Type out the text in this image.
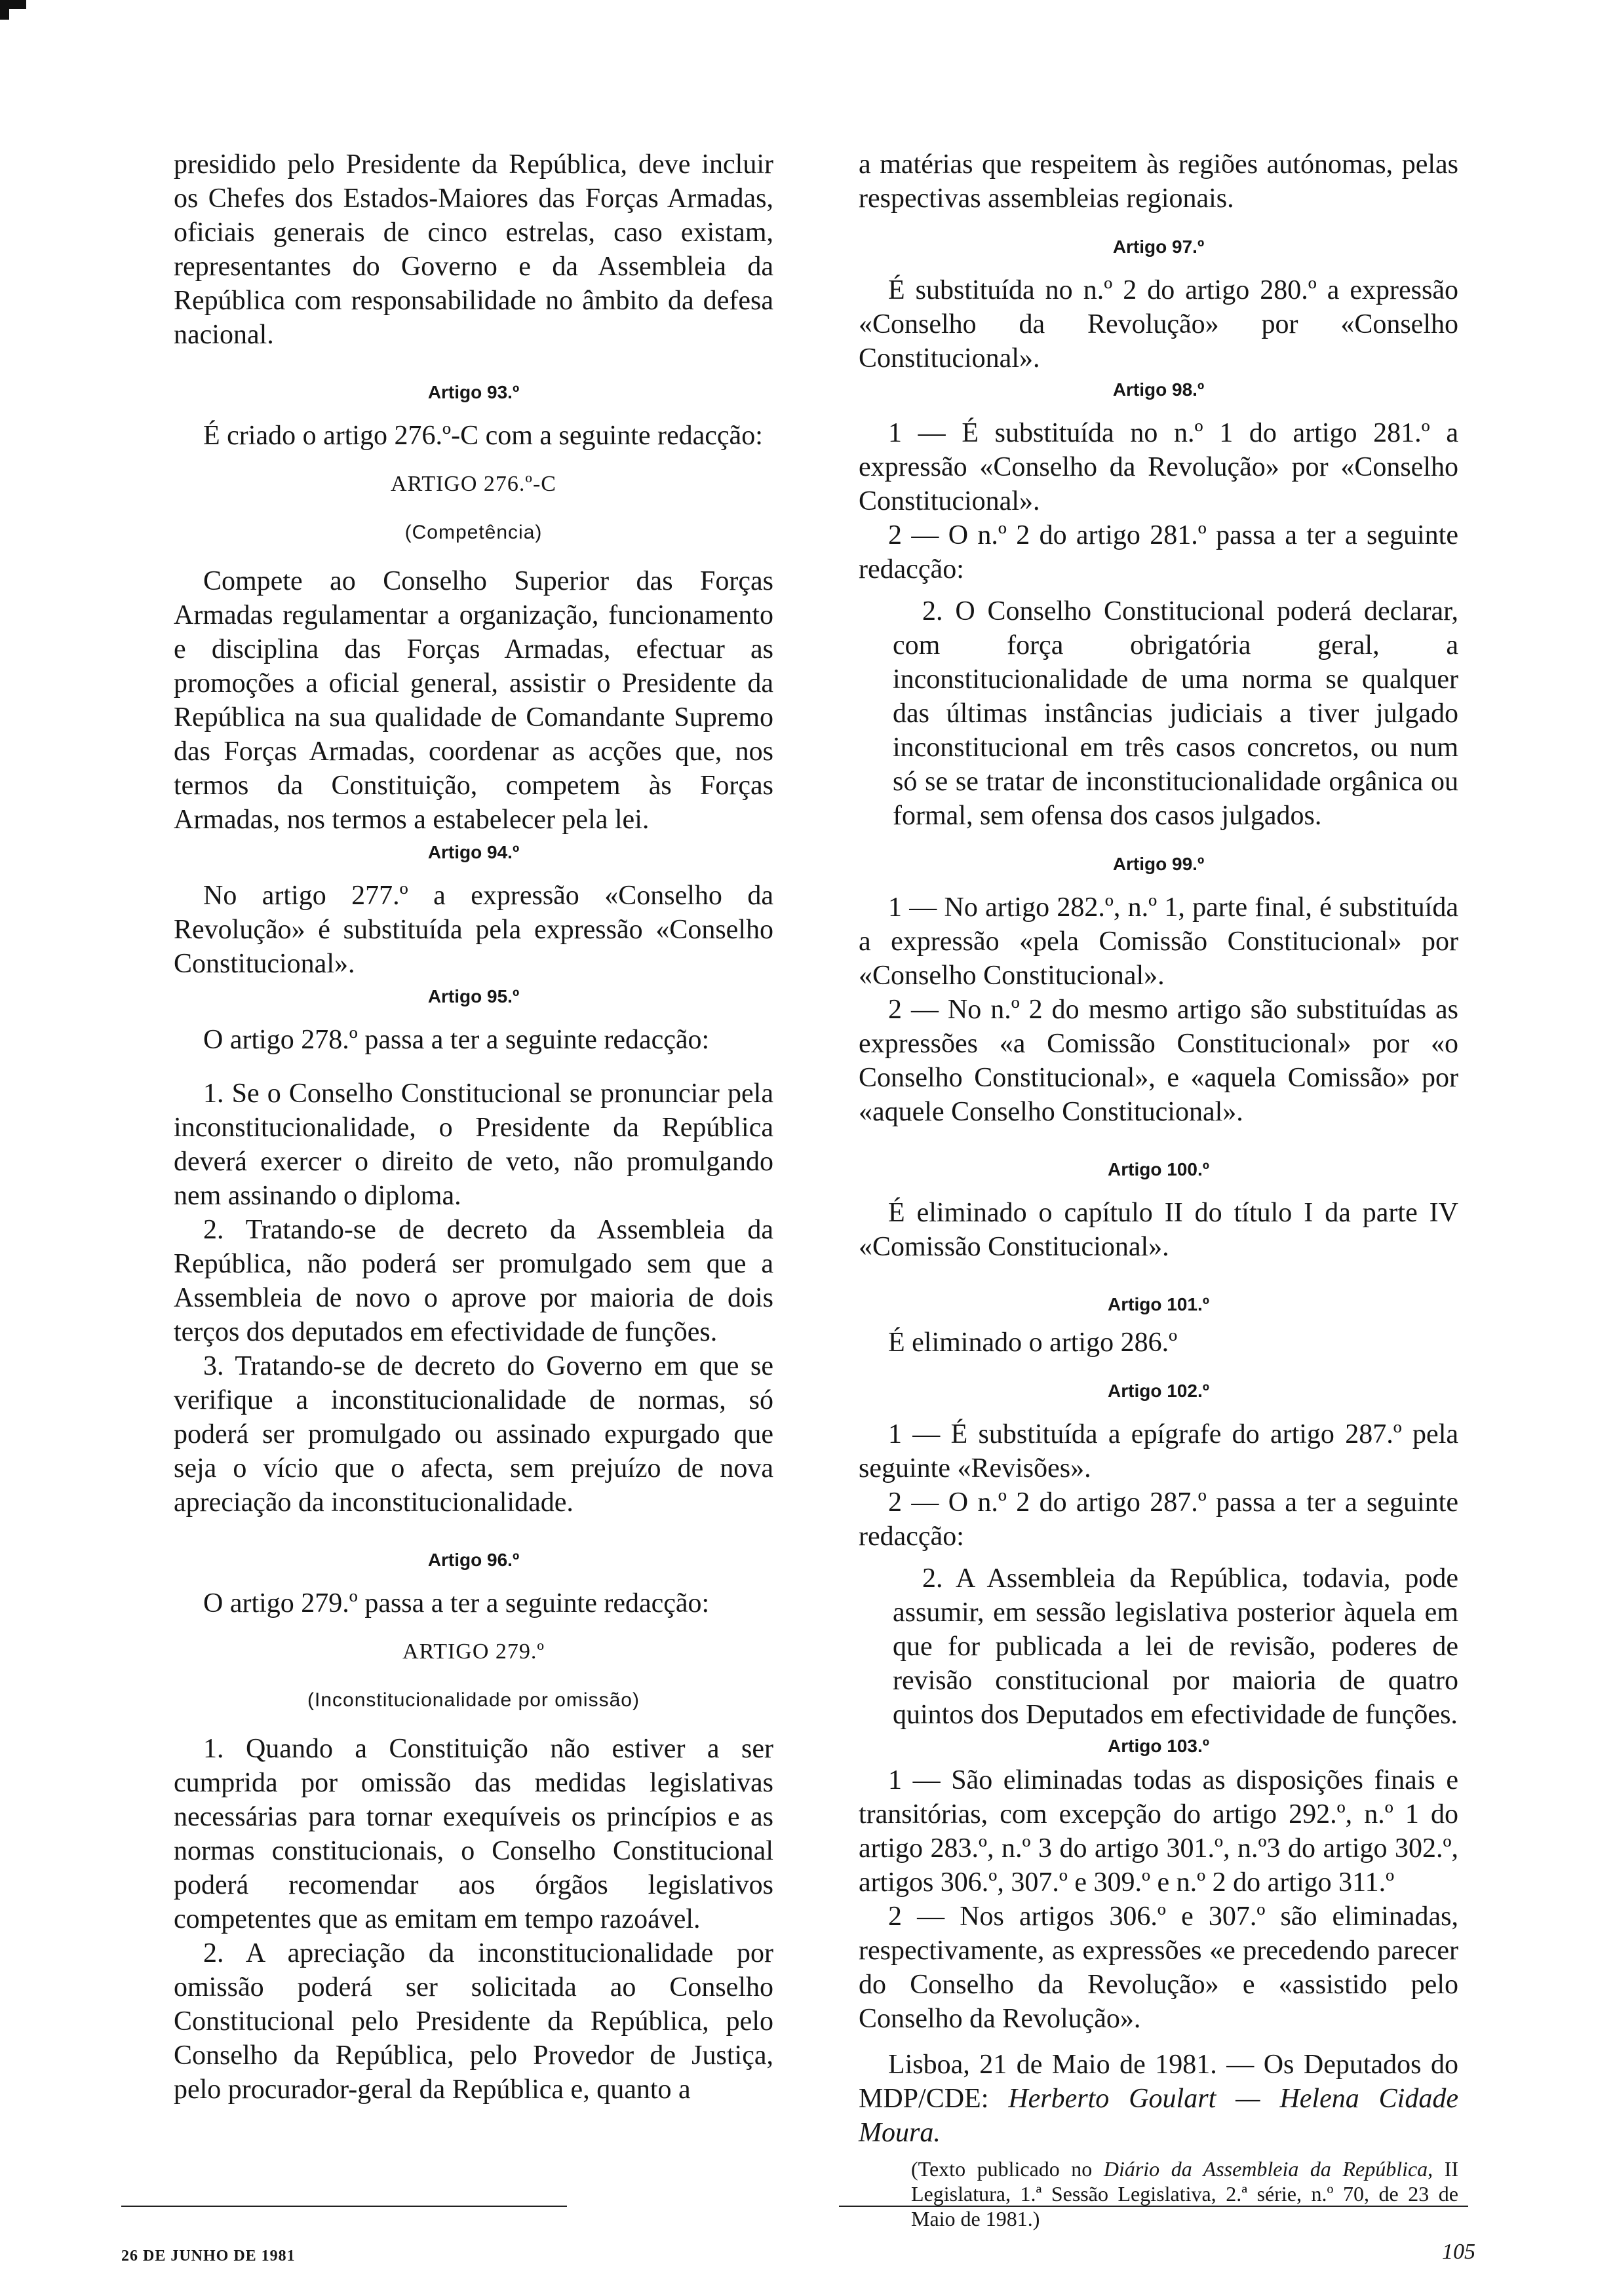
presidido pelo Presidente da República, deve incluir os Chefes dos Estados-Maiores das Forças Armadas, oficiais generais de cinco estrelas, caso existam, representantes do Governo e da Assembleia da República com responsabilidade no âmbito da defesa nacional.

Artigo 93.º

É criado o artigo 276.º-C com a seguinte redacção:

ARTIGO 276.º-C

(Competência)

Compete ao Conselho Superior das Forças Armadas regulamentar a organização, funcionamento e disciplina das Forças Armadas, efectuar as promoções a oficial general, assistir o Presidente da República na sua qualidade de Comandante Supremo das Forças Armadas, coordenar as acções que, nos termos da Constituição, competem às Forças Armadas, nos termos a estabelecer pela lei.

Artigo 94.º

No artigo 277.º a expressão «Conselho da Revolução» é substituída pela expressão «Conselho Constitucional».

Artigo 95.º

O artigo 278.º passa a ter a seguinte redacção:

1. Se o Conselho Constitucional se pronunciar pela inconstitucionalidade, o Presidente da República deverá exercer o direito de veto, não promulgando nem assinando o diploma.

2. Tratando-se de decreto da Assembleia da República, não poderá ser promulgado sem que a Assembleia de novo o aprove por maioria de dois terços dos deputados em efectividade de funções.

3. Tratando-se de decreto do Governo em que se verifique a inconstitucionalidade de normas, só poderá ser promulgado ou assinado expurgado que seja o vício que o afecta, sem prejuízo de nova apreciação da inconstitucionalidade.

Artigo 96.º

O artigo 279.º passa a ter a seguinte redacção:

ARTIGO 279.º

(Inconstitucionalidade por omissão)

1. Quando a Constituição não estiver a ser cumprida por omissão das medidas legislativas necessárias para tornar exequíveis os princípios e as normas constitucionais, o Conselho Constitucional poderá recomendar aos órgãos legislativos competentes que as emitam em tempo razoável.

2. A apreciação da inconstitucionalidade por omissão poderá ser solicitada ao Conselho Constitucional pelo Presidente da República, pelo Conselho da República, pelo Provedor de Justiça, pelo procurador-geral da República e, quanto a

a matérias que respeitem às regiões autónomas, pelas respectivas assembleias regionais.

Artigo 97.º

É substituída no n.º 2 do artigo 280.º a expressão «Conselho da Revolução» por «Conselho Constitucional».

Artigo 98.º

1 — É substituída no n.º 1 do artigo 281.º a expressão «Conselho da Revolução» por «Conselho Constitucional».

2 — O n.º 2 do artigo 281.º passa a ter a seguinte redacção:

2. O Conselho Constitucional poderá declarar, com força obrigatória geral, a inconstitucionalidade de uma norma se qualquer das últimas instâncias judiciais a tiver julgado inconstitucional em três casos concretos, ou num só se se tratar de inconstitucionalidade orgânica ou formal, sem ofensa dos casos julgados.

Artigo 99.º

1 — No artigo 282.º, n.º 1, parte final, é substituída a expressão «pela Comissão Constitucional» por «Conselho Constitucional».

2 — No n.º 2 do mesmo artigo são substituídas as expressões «a Comissão Constitucional» por «o Conselho Constitucional», e «aquela Comissão» por «aquele Conselho Constitucional».

Artigo 100.º

É eliminado o capítulo II do título I da parte IV «Comissão Constitucional».

Artigo 101.º

É eliminado o artigo 286.º

Artigo 102.º

1 — É substituída a epígrafe do artigo 287.º pela seguinte «Revisões».

2 — O n.º 2 do artigo 287.º passa a ter a seguinte redacção:

2. A Assembleia da República, todavia, pode assumir, em sessão legislativa posterior àquela em que for publicada a lei de revisão, poderes de revisão constitucional por maioria de quatro quintos dos Deputados em efectividade de funções.

Artigo 103.º

1 — São eliminadas todas as disposições finais e transitórias, com excepção do artigo 292.º, n.º 1 do artigo 283.º, n.º 3 do artigo 301.º, n.º3 do artigo 302.º, artigos 306.º, 307.º e 309.º e n.º 2 do artigo 311.º

2 — Nos artigos 306.º e 307.º são eliminadas, respectivamente, as expressões «e precedendo parecer do Conselho da Revolução» e «assistido pelo Conselho da Revolução».

Lisboa, 21 de Maio de 1981. — Os Deputados do MDP/CDE: Herberto Goulart — Helena Cidade Moura.

(Texto publicado no Diário da Assembleia da República, II Legislatura, 1.ª Sessão Legislativa, 2.ª série, n.º 70, de 23 de Maio de 1981.)

26 DE JUNHO DE 1981	105
